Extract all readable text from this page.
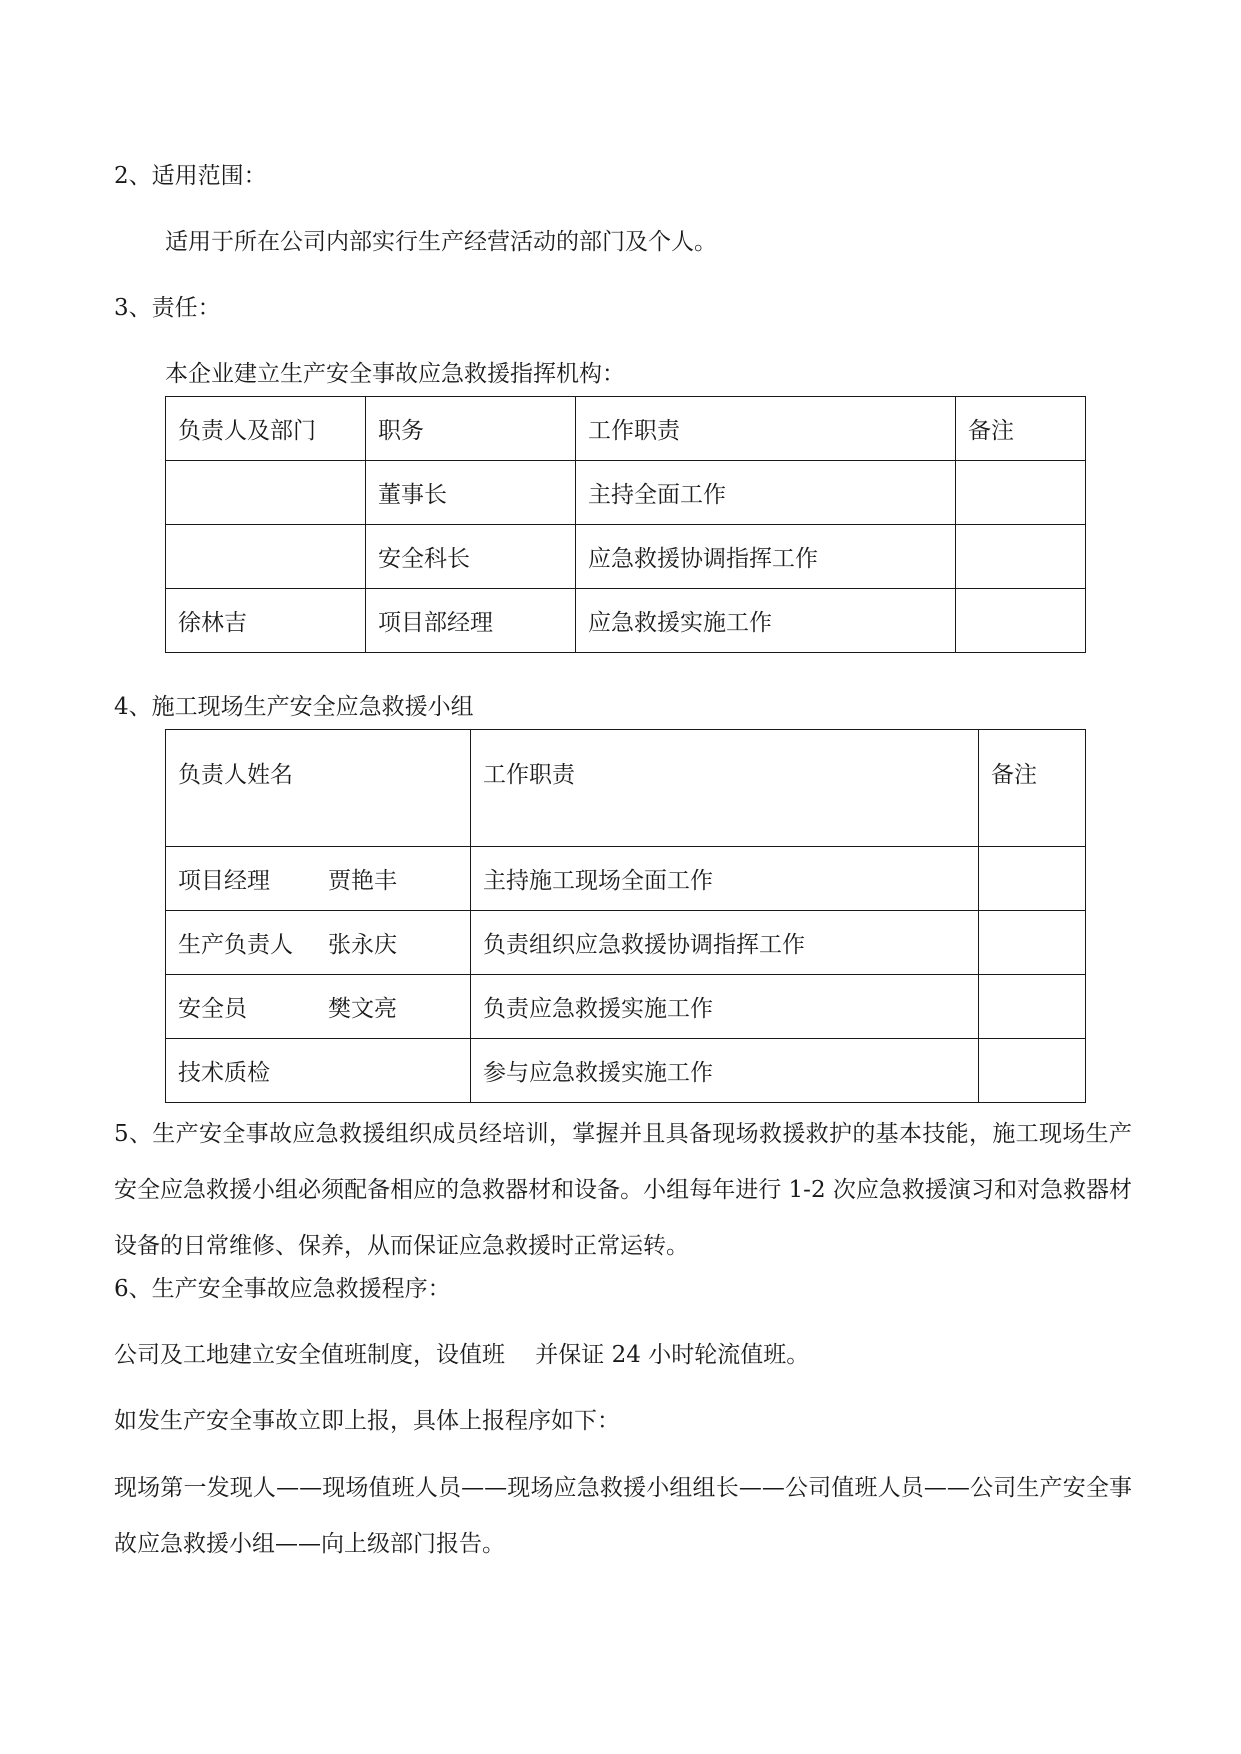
2、适用范围：
适用于所在公司内部实行生产经营活动的部门及个人。
3、责任：
本企业建立生产安全事故应急救援指挥机构：
负责人及部门	职务	工作职责	备注
	董事长	主持全面工作	
	安全科长	应急救援协调指挥工作	
徐林吉	项目部经理	应急救援实施工作	
4、施工现场生产安全应急救援小组
负责人姓名	工作职责	备注
项目经理 贾艳丰	主持施工现场全面工作	
生产负责人 张永庆	负责组织应急救援协调指挥工作	
安全员 樊文亮	负责应急救援实施工作	
技术质检	参与应急救援实施工作	
5、生产安全事故应急救援组织成员经培训，掌握并且具备现场救援救护的基本技能，施工现场生产安全应急救援小组必须配备相应的急救器材和设备。小组每年进行 1-2 次应急救援演习和对急救器材设备的日常维修、保养，从而保证应急救援时正常运转。
6、生产安全事故应急救援程序：
公司及工地建立安全值班制度，设值班 　并保证 24 小时轮流值班。
如发生产安全事故立即上报，具体上报程序如下：
现场第一发现人——现场值班人员——现场应急救援小组组长——公司值班人员——公司生产安全事故应急救援小组——向上级部门报告。
